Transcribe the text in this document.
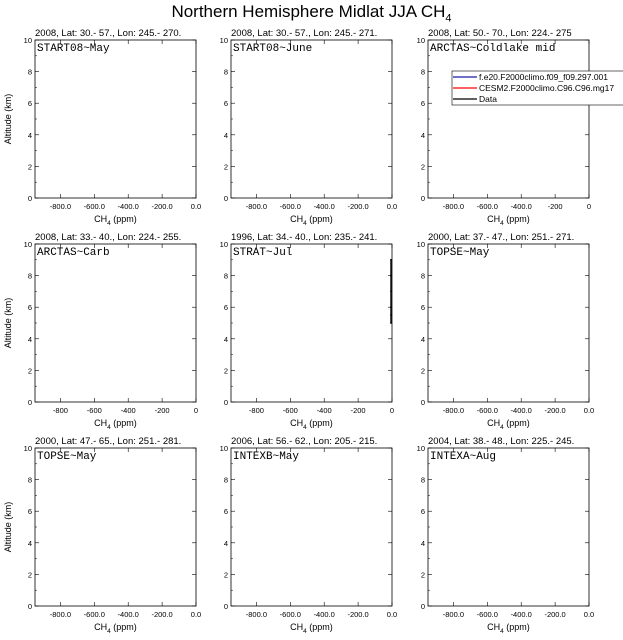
Northern Hemisphere Midlat JJA $CH_4$
2008, Lat: 30.- 57., Lon: 245.- 270.
START08~May
0
2
4
6
8
10
-800.0 -600.0 -400.0 -200.0 0.0
$CH_4$ (ppm)
Altitude (km)
2008, Lat: 30.- 57., Lon: 245.- 271.
START08~June
0
2
4
6
8
10
-800.0 -600.0 -400.0 -200.0 0.0
$CH_4$ (ppm)
2008, Lat: 50.- 70., Lon: 224.- 275
ARCTAS~Coldlake mid
0
2
4
6
8
10
-800.0 -600.0 -400.0 -200	0
$CH_4$ (ppm)
f.e20.F2000climo.f09_f09.297.001
CESM2.F2000climo.C96.C96.mg17
Data
2008, Lat: 33.- 40., Lon: 224.- 255.
ARCTAS~Carb
0
2
4
6
8
10
-800	-600	-400	-200	0
$CH_4$ (ppm)
Altitude (km)
1996, Lat: 34.- 40., Lon: 235.- 241.
STRAT~Jul
0
2
4
6
8
10
-800	-600	-400	-200	0
$CH_4$ (ppm)
2000, Lat: 37.- 47., Lon: 251.- 271.
TOPSE~May
0
2
4
6
8
10
-800.0 -600.0 -400.0 -200.0 0.0
$CH_4$ (ppm)
2000, Lat: 47.- 65., Lon: 251.- 281.
TOPSE~May
0
2
4
6
8
10
-800.0 -600.0 -400.0 -200.0 0.0
$CH_4$ (ppm)
Altitude (km)
2006, Lat: 56.- 62., Lon: 205.- 215.
INTEXB~May
0
2
4
6
8
10
-800.0 -600.0 -400.0 -200.0 0.0
$CH_4$ (ppm)
2004, Lat: 38.- 48., Lon: 225.- 245.
INTEXA~Aug
0
2
4
6
8
10
-800.0 -600.0 -400.0 -200.0 0.0
$CH_4$ (ppm)
